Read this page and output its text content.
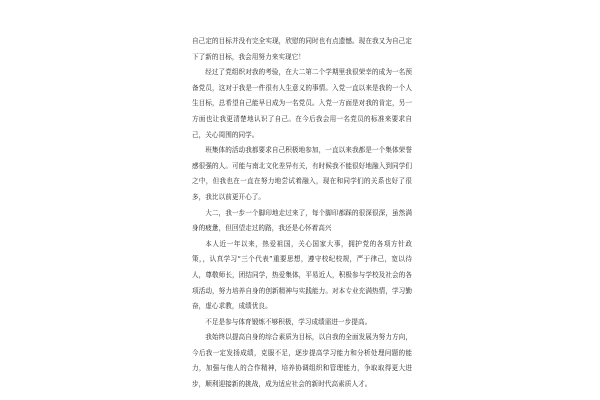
自己定的目标并没有完全实现，欣慰的同时也有点遗憾。现在我又为自己定下了新的目标，我会用努力来实现它！

经过了党组织对我的考验，在大二第二个学期里我很荣幸的成为一名预备党员，这对于我是一件很有人生意义的事情。入党一直以来是我的一个人生目标，总希望自己能早日成为一名党员。入党一方面是对我的肯定，另一方面也让我更清楚地认识了自己。在今后我会用一名党员的标准来要求自己，关心周围的同学。

班集体的活动我都要求自己积极地参加，一直以来我都是一个集体荣誉感很强的人。可能与南北文化差异有关，有时候我不能很好地融入到同学们之中，但我也在一直在努力地尝试着融入，现在和同学们的关系也好了很多，我比以前更开心了。

大二，我一步一个脚印地走过来了，每个脚印都踩的很深很深，虽然满身的疲惫，但回望走过的路，我还是心怀着高兴

本人近一年以来，热爱祖国，关心国家大事，拥护党的各项方针政策，，认真学习“三个代表”重要思想，遵守校纪校规，严于律己，宽以待人，尊敬师长，团结同学，热爱集体，平易近人，积极参与学校及社会的各项活动，努力培养自身的创新精神与实践能力。对本专业充满热情，学习勤奋，虚心求教，成绩优良。

不足是参与体育锻炼不够积极，学习成绩需进一步提高。

我始终以提高自身的综合素质为目标，以自我的全面发展为努力方向，今后我一定发扬成绩，克服不足，逐步提高学习能力和分析处理问题的能力，加强与他人的合作精神，培养协调组织和管理能力，争取取得更大进步，顺利迎接新的挑战，成为适应社会的新时代高素质人才。
